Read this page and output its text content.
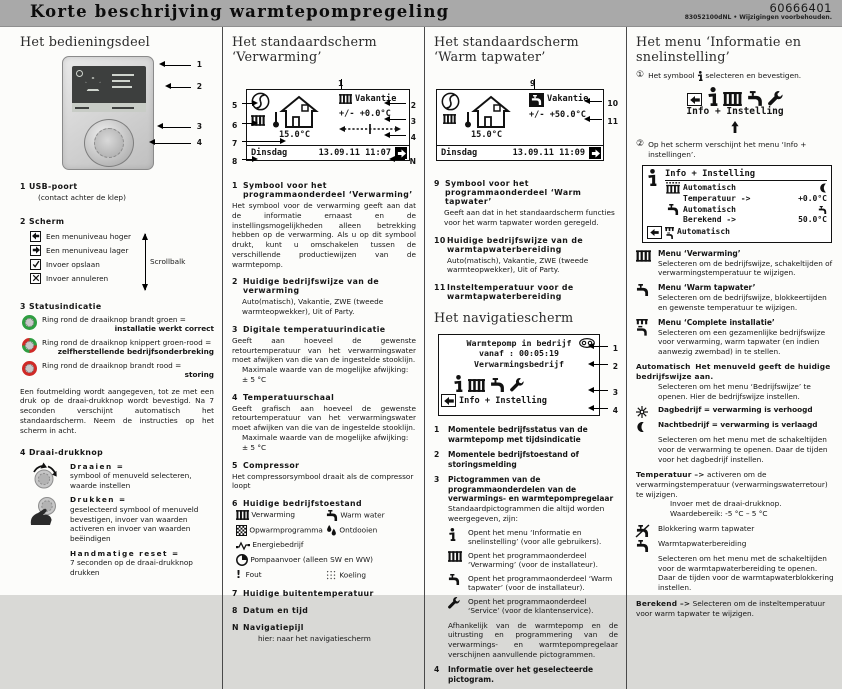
Korte beschrijving warmtepompregeling	60666401
83052100dNL • Wijzigingen voorbehouden.
Het bedieningsdeel
1
2
3
4
1 USB-poort
(contact achter de klep)
2 Scherm
Een menuniveau hoger
Een menuniveau lager
Invoer opslaan
Invoer annuleren
Scrollbalk
3 Statusindicatie
Ring rond de draaiknop brandt groen =
installatie werkt correct
Ring rond de draaiknop knippert groen-rood =
zelfherstellende bedrijfsonderbreking
Ring rond de draaiknop brandt rood =
storing

Een foutmelding wordt aangegeven, tot ze met een druk op de draai-drukknop wordt bevestigd. Na 7 seconden verschijnt automatisch het standaardscherm. Neem de instructies op het scherm in acht.

4 Draai-drukknop
Draaien =
symbool of menuveld selecteren, waarde instellen
Drukken =
geselecteerd symbool of menuveld bevestigen, invoer van waarden activeren en invoer van waarden beëindigen
Handmatige reset =
7 seconden op de draai-drukknop drukken
Het standaardscherm ‘Verwarming’
1
15.0°C
Vakantie
+/- +0.0°C
Dinsdag	13.09.11 11:07
5
6
7
8
2
3
4
N
1 Symbool voor het programmaonderdeel ‘Verwarming’

Het symbool voor de verwarming geeft aan dat de informatie ernaast en de instellingsmogelijkheden alleen betrekking hebben op de verwarming. Als u op dit symbool drukt, kunt u omschakelen tussen de verschillende productiewijzen van de warmtepomp.

2 Huidige bedrijfswijze van de verwarming

Auto(matisch), Vakantie, ZWE (tweede warmteopwekker), Uit of Party.

3 Digitale temperatuurindicatie

Geeft aan hoeveel de gewenste retourtemperatuur van het verwarmingswater moet afwijken van die van de ingestelde stooklijn.

Maximale waarde van de mogelijke afwijking: ± 5 °C

4 Temperatuurschaal

Geeft grafisch aan hoeveel de gewenste retourtemperatuur van het verwarmingswater moet afwijken van die van de ingestelde stooklijn.

Maximale waarde van de mogelijke afwijking: ± 5 °C

5 Compressor

Het compressorsymbool draait als de compressor loopt

6 Huidige bedrijfstoestand
Verwarming	Warm water
Opwarmprogramma	Ontdooien
Energiebedrijf
Pompaanvoer (alleen SW en WW)
! Fout	Koeling
7 Huidige buitentemperatuur
8 Datum en tijd
N Navigatiepijl

hier: naar het navigatiescherm

Het standaardscherm ‘Warm tapwater’
9
15.0°C
Vakantie
+/- +50.0°C
Dinsdag	13.09.11 11:09
10
11
9 Symbool voor het programmaonderdeel ‘Warm tapwater’

Geeft aan dat in het standaardscherm functies voor het warm tapwater worden geregeld.

10 Huidige bedrijfswijze van de warmtapwaterbereiding

Auto(matisch), Vakantie, ZWE (tweede warmteopwekker), Uit of Party.

11 Insteltemperatuur voor de warmtapwaterbereiding
Het navigatiescherm
Warmtepomp in bedrijf
vanaf : 00:05:19
Verwarmingsbedrijf
Info + Instelling
1
2
3
4
1	Momentele bedrijfsstatus van de warmtepomp met tijdsindicatie
2	Momentele bedrijfstoestand of storingsmelding
3	Pictogrammen van de programmaonderdelen van de verwarmings- en warmtepompregelaar
Standaardpictogrammen die altijd worden weergegeven, zijn:
Opent het menu ‘Informatie en snelinstelling’ (voor alle gebruikers).
Opent het programmaonderdeel ‘Verwarming’ (voor de installateur).
Opent het programmaonderdeel ‘Warm tapwater’ (voor de installateur).
Opent het programmaonderdeel ‘Service’ (voor de klantenservice).

Afhankelijk van de warmtepomp en de uitrusting en programmering van de verwarmings- en warmtepompregelaar verschijnen aanvullende pictogrammen.

4	Informatie over het geselecteerde pictogram.
Het menu ‘Informatie en snelinstelling’
① Het symbool selecteren en bevestigen.
Info + Instelling
② Op het scherm verschijnt het menu ‘Info + instellingen’.
Info + Instelling
Automatisch
Temperatuur ->	+0.0°C
Automatisch
Berekend ->	50.0°C
Automatisch
Menu ‘Verwarming’
Selecteren om de bedrijfswijze, schakeltijden of verwarmingstemperatuur te wijzigen.
Menu ‘Warm tapwater’
Selecteren om de bedrijfswijze, blokkeertijden en gewenste temperatuur te wijzigen.
Menu ‘Complete installatie’
Selecteren om een gezamenlijke bedrijfswijze voor verwarming, warm tapwater (en indien aanwezig zwembad) in te stellen.
Automatisch Het menuveld geeft de huidige bedrijfswijze aan.

Selecteren om het menu ‘Bedrijfswijze’ te openen. Hier de bedrijfswijze instellen.
Dagbedrijf = verwarming is verhoogd
Nachtbedrijf = verwarming is verlaagd

Selecteren om het menu met de schakeltijden voor de verwarming te openen. Daar de tijden voor het dagbedrijf instellen.

Temperatuur –> activeren om de verwarmingstemperatuur (verwarmingswaterretour) te wijzigen.

Invoer met de draai-drukknop.
Waardebereik: -5 °C – 5 °C
Blokkering warm tapwater
Warmtapwaterbereiding

Selecteren om het menu met de schakeltijden voor de warmtapwaterbereiding te openen. Daar de tijden voor de warmtapwaterblokkering instellen.

Berekend –> Selecteren om de insteltemperatuur voor warm tapwater te wijzigen.
